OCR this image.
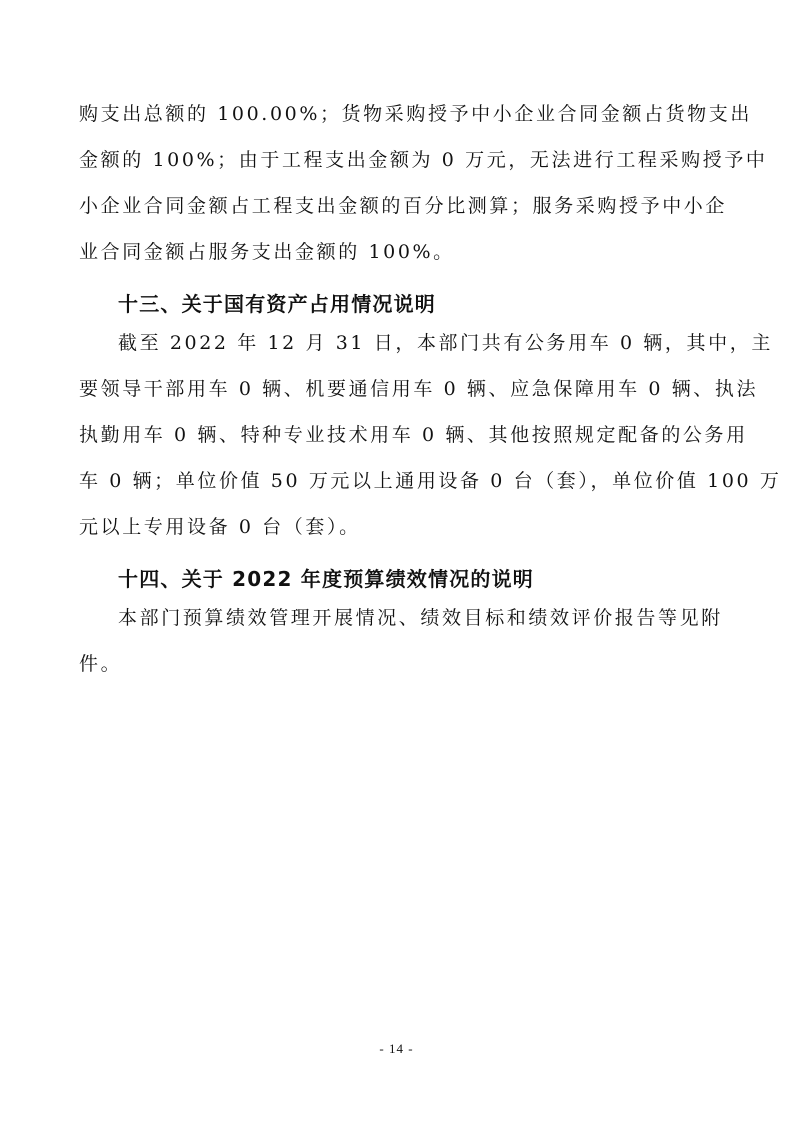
购支出总额的 100.00%；货物采购授予中小企业合同金额占货物支出
金额的 100%；由于工程支出金额为 0 万元，无法进行工程采购授予中
小企业合同金额占工程支出金额的百分比测算；服务采购授予中小企
业合同金额占服务支出金额的 100%。
十三、关于国有资产占用情况说明
截至 2022 年 12 月 31 日，本部门共有公务用车 0 辆，其中，主
要领导干部用车 0 辆、机要通信用车 0 辆、应急保障用车 0 辆、执法
执勤用车 0 辆、特种专业技术用车 0 辆、其他按照规定配备的公务用
车 0 辆；单位价值 50 万元以上通用设备 0 台（套），单位价值 100 万
元以上专用设备 0 台（套）。
十四、关于 2022 年度预算绩效情况的说明
本部门预算绩效管理开展情况、绩效目标和绩效评价报告等见附
件。
- 14 -
